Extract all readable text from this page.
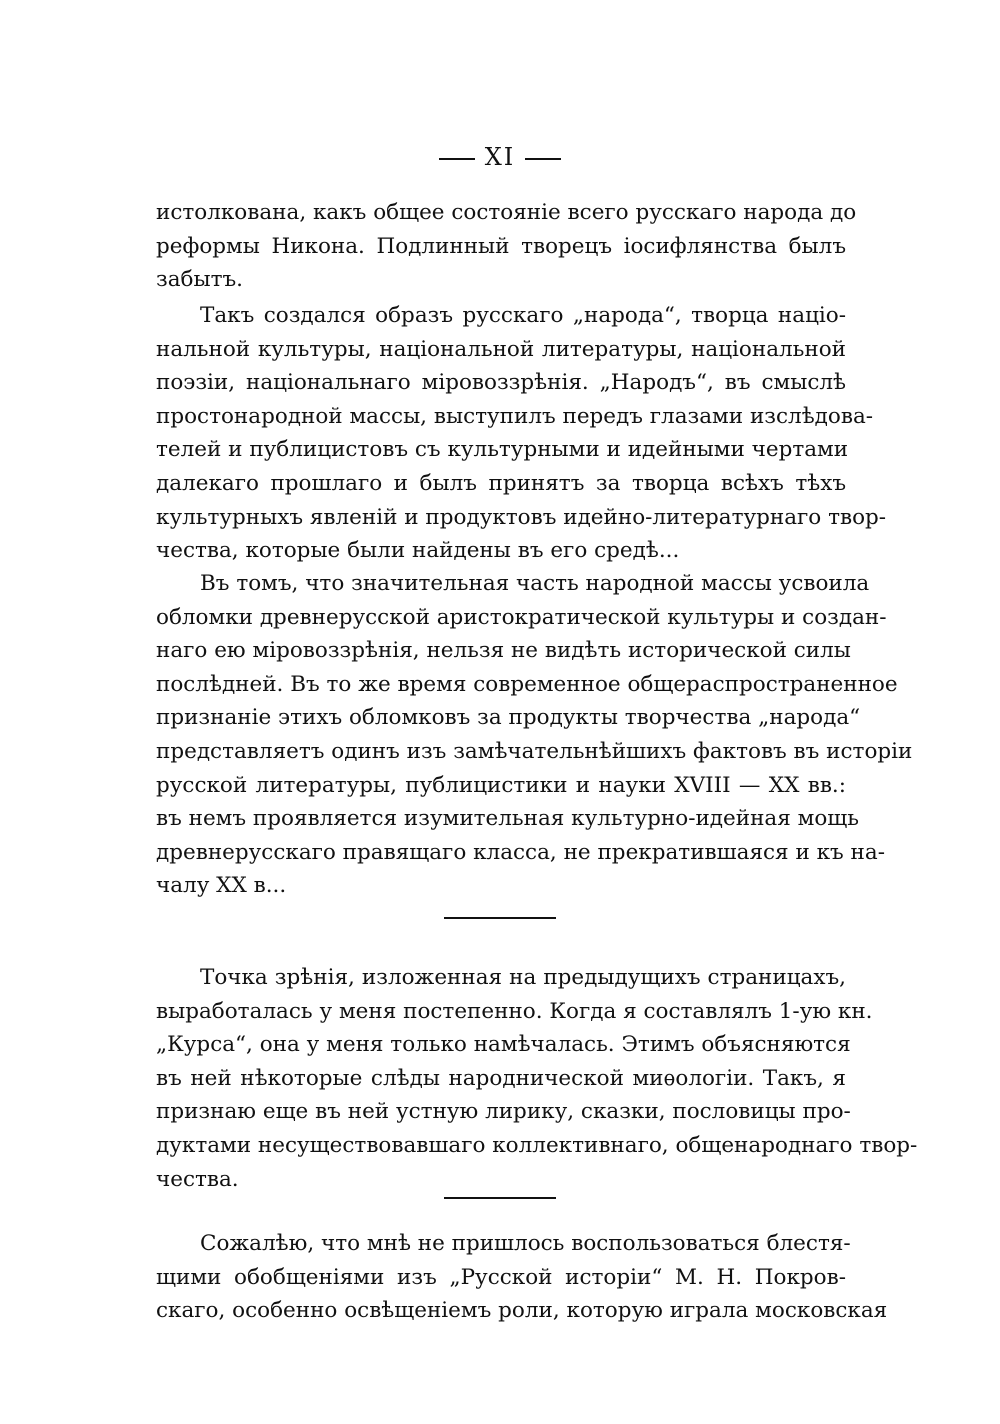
XI
истолкована, какъ общее состоянiе всего русскаго народа до
реформы Никона. Подлинный творецъ iосифлянства былъ
забытъ.
Такъ создался образъ русскаго „народа“, творца нацiо-
нальной культуры, нацiональной литературы, нацiональной
поэзiи, нацiональнаго мiровоззрѣнiя. „Народъ“, въ смыслѣ
простонародной массы, выступилъ передъ глазами изслѣдова-
телей и публицистовъ съ культурными и идейными чертами
далекаго прошлаго и былъ принятъ за творца всѣхъ тѣхъ
культурныхъ явленiй и продуктовъ идейно-литературнаго твор-
чества, которые были найдены въ его средѣ...
Въ томъ, что значительная часть народной массы усвоила
обломки древнерусской аристократической культуры и создан-
наго ею мiровоззрѣнiя, нельзя не видѣть исторической силы
послѣдней. Въ то же время современное общераспространенное
признанiе этихъ обломковъ за продукты творчества „народа“
представляетъ одинъ изъ замѣчательнѣйшихъ фактовъ въ исторiи
русской литературы, публицистики и науки XVIII — XX вв.:
въ немъ проявляется изумительная культурно-идейная мощь
древнерусскаго правящаго класса, не прекратившаяся и къ на-
чалу XX в...
Точка зрѣнiя, изложенная на предыдущихъ страницахъ,
выработалась у меня постепенно. Когда я составлялъ 1-ую кн.
„Курса“, она у меня только намѣчалась. Этимъ объясняются
въ ней нѣкоторые слѣды народнической миѳологiи. Такъ, я
признаю еще въ ней устную лирику, сказки, пословицы про-
дуктами несуществовавшаго коллективнаго, общенароднаго твор-
чества.
Сожалѣю, что мнѣ не пришлось воспользоваться блестя-
щими обобщенiями изъ „Русской исторiи“ М. Н. Покров-
скаго, особенно освѣщенiемъ роли, которую играла московская
